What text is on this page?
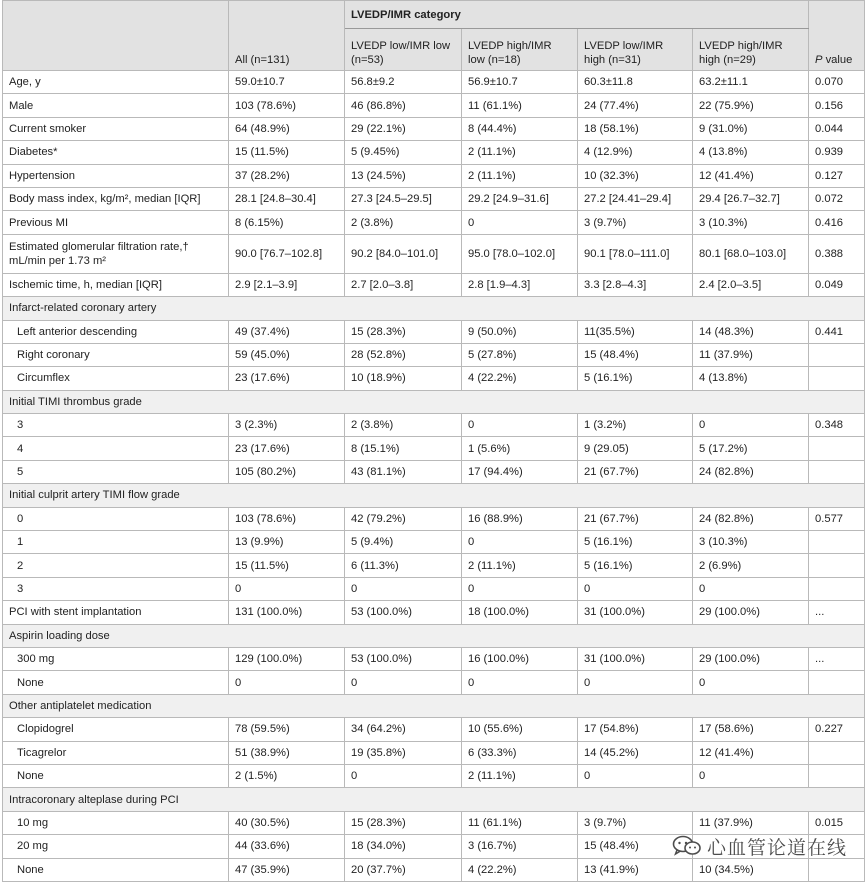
	All (n=131)	LVEDP/IMR category				P value
		LVEDP low/IMR low (n=53)	LVEDP high/IMR low (n=18)	LVEDP low/IMR high (n=31)	LVEDP high/IMR high (n=29)	
Age, y	59.0±10.7	56.8±9.2	56.9±10.7	60.3±11.8	63.2±11.1	0.070
Male	103 (78.6%)	46 (86.8%)	11 (61.1%)	24 (77.4%)	22 (75.9%)	0.156
Current smoker	64 (48.9%)	29 (22.1%)	8 (44.4%)	18 (58.1%)	9 (31.0%)	0.044
Diabetes*	15 (11.5%)	5 (9.45%)	2 (11.1%)	4 (12.9%)	4 (13.8%)	0.939
Hypertension	37 (28.2%)	13 (24.5%)	2 (11.1%)	10 (32.3%)	12 (41.4%)	0.127
Body mass index, kg/m², median [IQR]	28.1 [24.8–30.4]	27.3 [24.5–29.5]	29.2 [24.9–31.6]	27.2 [24.41–29.4]	29.4 [26.7–32.7]	0.072
Previous MI	8 (6.15%)	2 (3.8%)	0	3 (9.7%)	3 (10.3%)	0.416
Estimated glomerular filtration rate,† mL/min per 1.73 m²	90.0 [76.7–102.8]	90.2 [84.0–101.0]	95.0 [78.0–102.0]	90.1 [78.0–111.0]	80.1 [68.0–103.0]	0.388
Ischemic time, h, median [IQR]	2.9 [2.1–3.9]	2.7 [2.0–3.8]	2.8 [1.9–4.3]	3.3 [2.8–4.3]	2.4 [2.0–3.5]	0.049
Infarct-related coronary artery						
Left anterior descending	49 (37.4%)	15 (28.3%)	9 (50.0%)	11(35.5%)	14 (48.3%)	0.441
Right coronary	59 (45.0%)	28 (52.8%)	5 (27.8%)	15 (48.4%)	11 (37.9%)	
Circumflex	23 (17.6%)	10 (18.9%)	4 (22.2%)	5 (16.1%)	4 (13.8%)	
Initial TIMI thrombus grade						
3	3 (2.3%)	2 (3.8%)	0	1 (3.2%)	0	0.348
4	23 (17.6%)	8 (15.1%)	1 (5.6%)	9 (29.05)	5 (17.2%)	
5	105 (80.2%)	43 (81.1%)	17 (94.4%)	21 (67.7%)	24 (82.8%)	
Initial culprit artery TIMI flow grade						
0	103 (78.6%)	42 (79.2%)	16 (88.9%)	21 (67.7%)	24 (82.8%)	0.577
1	13 (9.9%)	5 (9.4%)	0	5 (16.1%)	3 (10.3%)	
2	15 (11.5%)	6 (11.3%)	2 (11.1%)	5 (16.1%)	2 (6.9%)	
3	0	0	0	0	0	
PCI with stent implantation	131 (100.0%)	53 (100.0%)	18 (100.0%)	31 (100.0%)	29 (100.0%)	...
Aspirin loading dose						
300 mg	129 (100.0%)	53 (100.0%)	16 (100.0%)	31 (100.0%)	29 (100.0%)	...
None	0	0	0	0	0	
Other antiplatelet medication						
Clopidogrel	78 (59.5%)	34 (64.2%)	10 (55.6%)	17 (54.8%)	17 (58.6%)	0.227
Ticagrelor	51 (38.9%)	19 (35.8%)	6 (33.3%)	14 (45.2%)	12 (41.4%)	
None	2 (1.5%)	0	2 (11.1%)	0	0	
Intracoronary alteplase during PCI						
10 mg	40 (30.5%)	15 (28.3%)	11 (61.1%)	3 (9.7%)	11 (37.9%)	0.015
20 mg	44 (33.6%)	18 (34.0%)	3 (16.7%)	15 (48.4%)		
None	47 (35.9%)	20 (37.7%)	4 (22.2%)	13 (41.9%)	10 (34.5%)	
心血管论道在线
